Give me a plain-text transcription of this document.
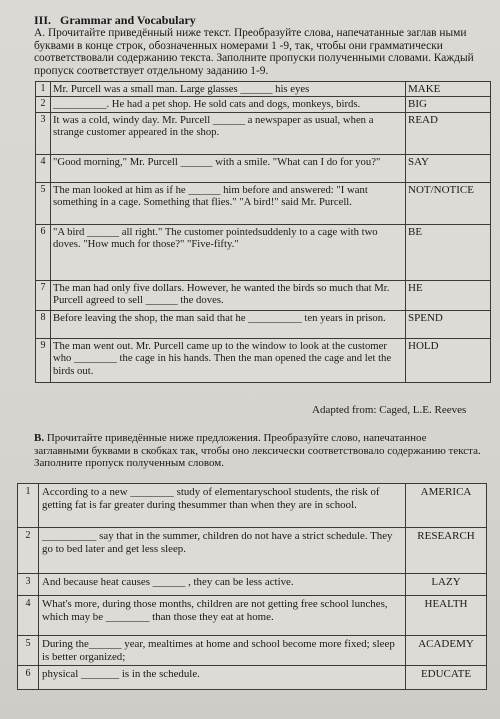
III. Grammar and Vocabulary
А. Прочитайте приведённый ниже текст. Преобразуйте слова, напечатанные заглав ными буквами в конце строк, обозначенных номерами 1 -9, так, чтобы они грамматически соответствовали содержанию текста. Заполните пропуски полученными словами. Каждый пропуск соответствует отдельному заданию 1-9.
1	Mr. Purcell was a small man. Large glasses ______ his eyes	MAKE
2	__________. He had a pet shop. He sold cats and dogs, monkeys, birds.	BIG
3	It was a cold, windy day. Mr. Purcell ______ a newspaper as usual, when a strange customer appeared in the shop.	READ
4	"Good morning," Mr. Purcell ______ with a smile. "What can I do for you?"	SAY
5	The man looked at him as if he ______ him before and answered: "I want something in a cage. Something that flies." "A bird!" said Mr. Purcell.	NOT/NOTICE
6	"A bird ______ all right." The customer pointedsuddenly to a cage with two doves. "How much for those?" "Five-fifty."	BE
7	The man had only five dollars. However, he wanted the birds so much that Mr. Purcell agreed to sell ______ the doves.	HE
8	Before leaving the shop, the man said that he __________ ten years in prison.	SPEND
9	The man went out. Mr. Purcell came up to the window to look at the customer who ________ the cage in his hands. Then the man opened the cage and let the birds out.	HOLD
Adapted from: Caged, L.E. Reeves
B. Прочитайте приведённые ниже предложения. Преобразуйте слово, напечатанное заглавными буквами в скобках так, чтобы оно лексически соответствовало содержанию текста. Заполните пропуск полученным словом.
1	According to a new ________ study of elementaryschool students, the risk of getting fat is far greater during thesummer than when they are in school.	AMERICA
2	__________ say that in the summer, children do not have a strict schedule. They go to bed later and get less sleep.	RESEARCH
3	And because heat causes ______ , they can be less active.	LAZY
4	What's more, during those months, children are not getting free school lunches, which may be ________ than those they eat at home.	HEALTH
5	During the______ year, mealtimes at home and school become more fixed; sleep is better organized;	ACADEMY
6	physical _______ is in the schedule.	EDUCATE
